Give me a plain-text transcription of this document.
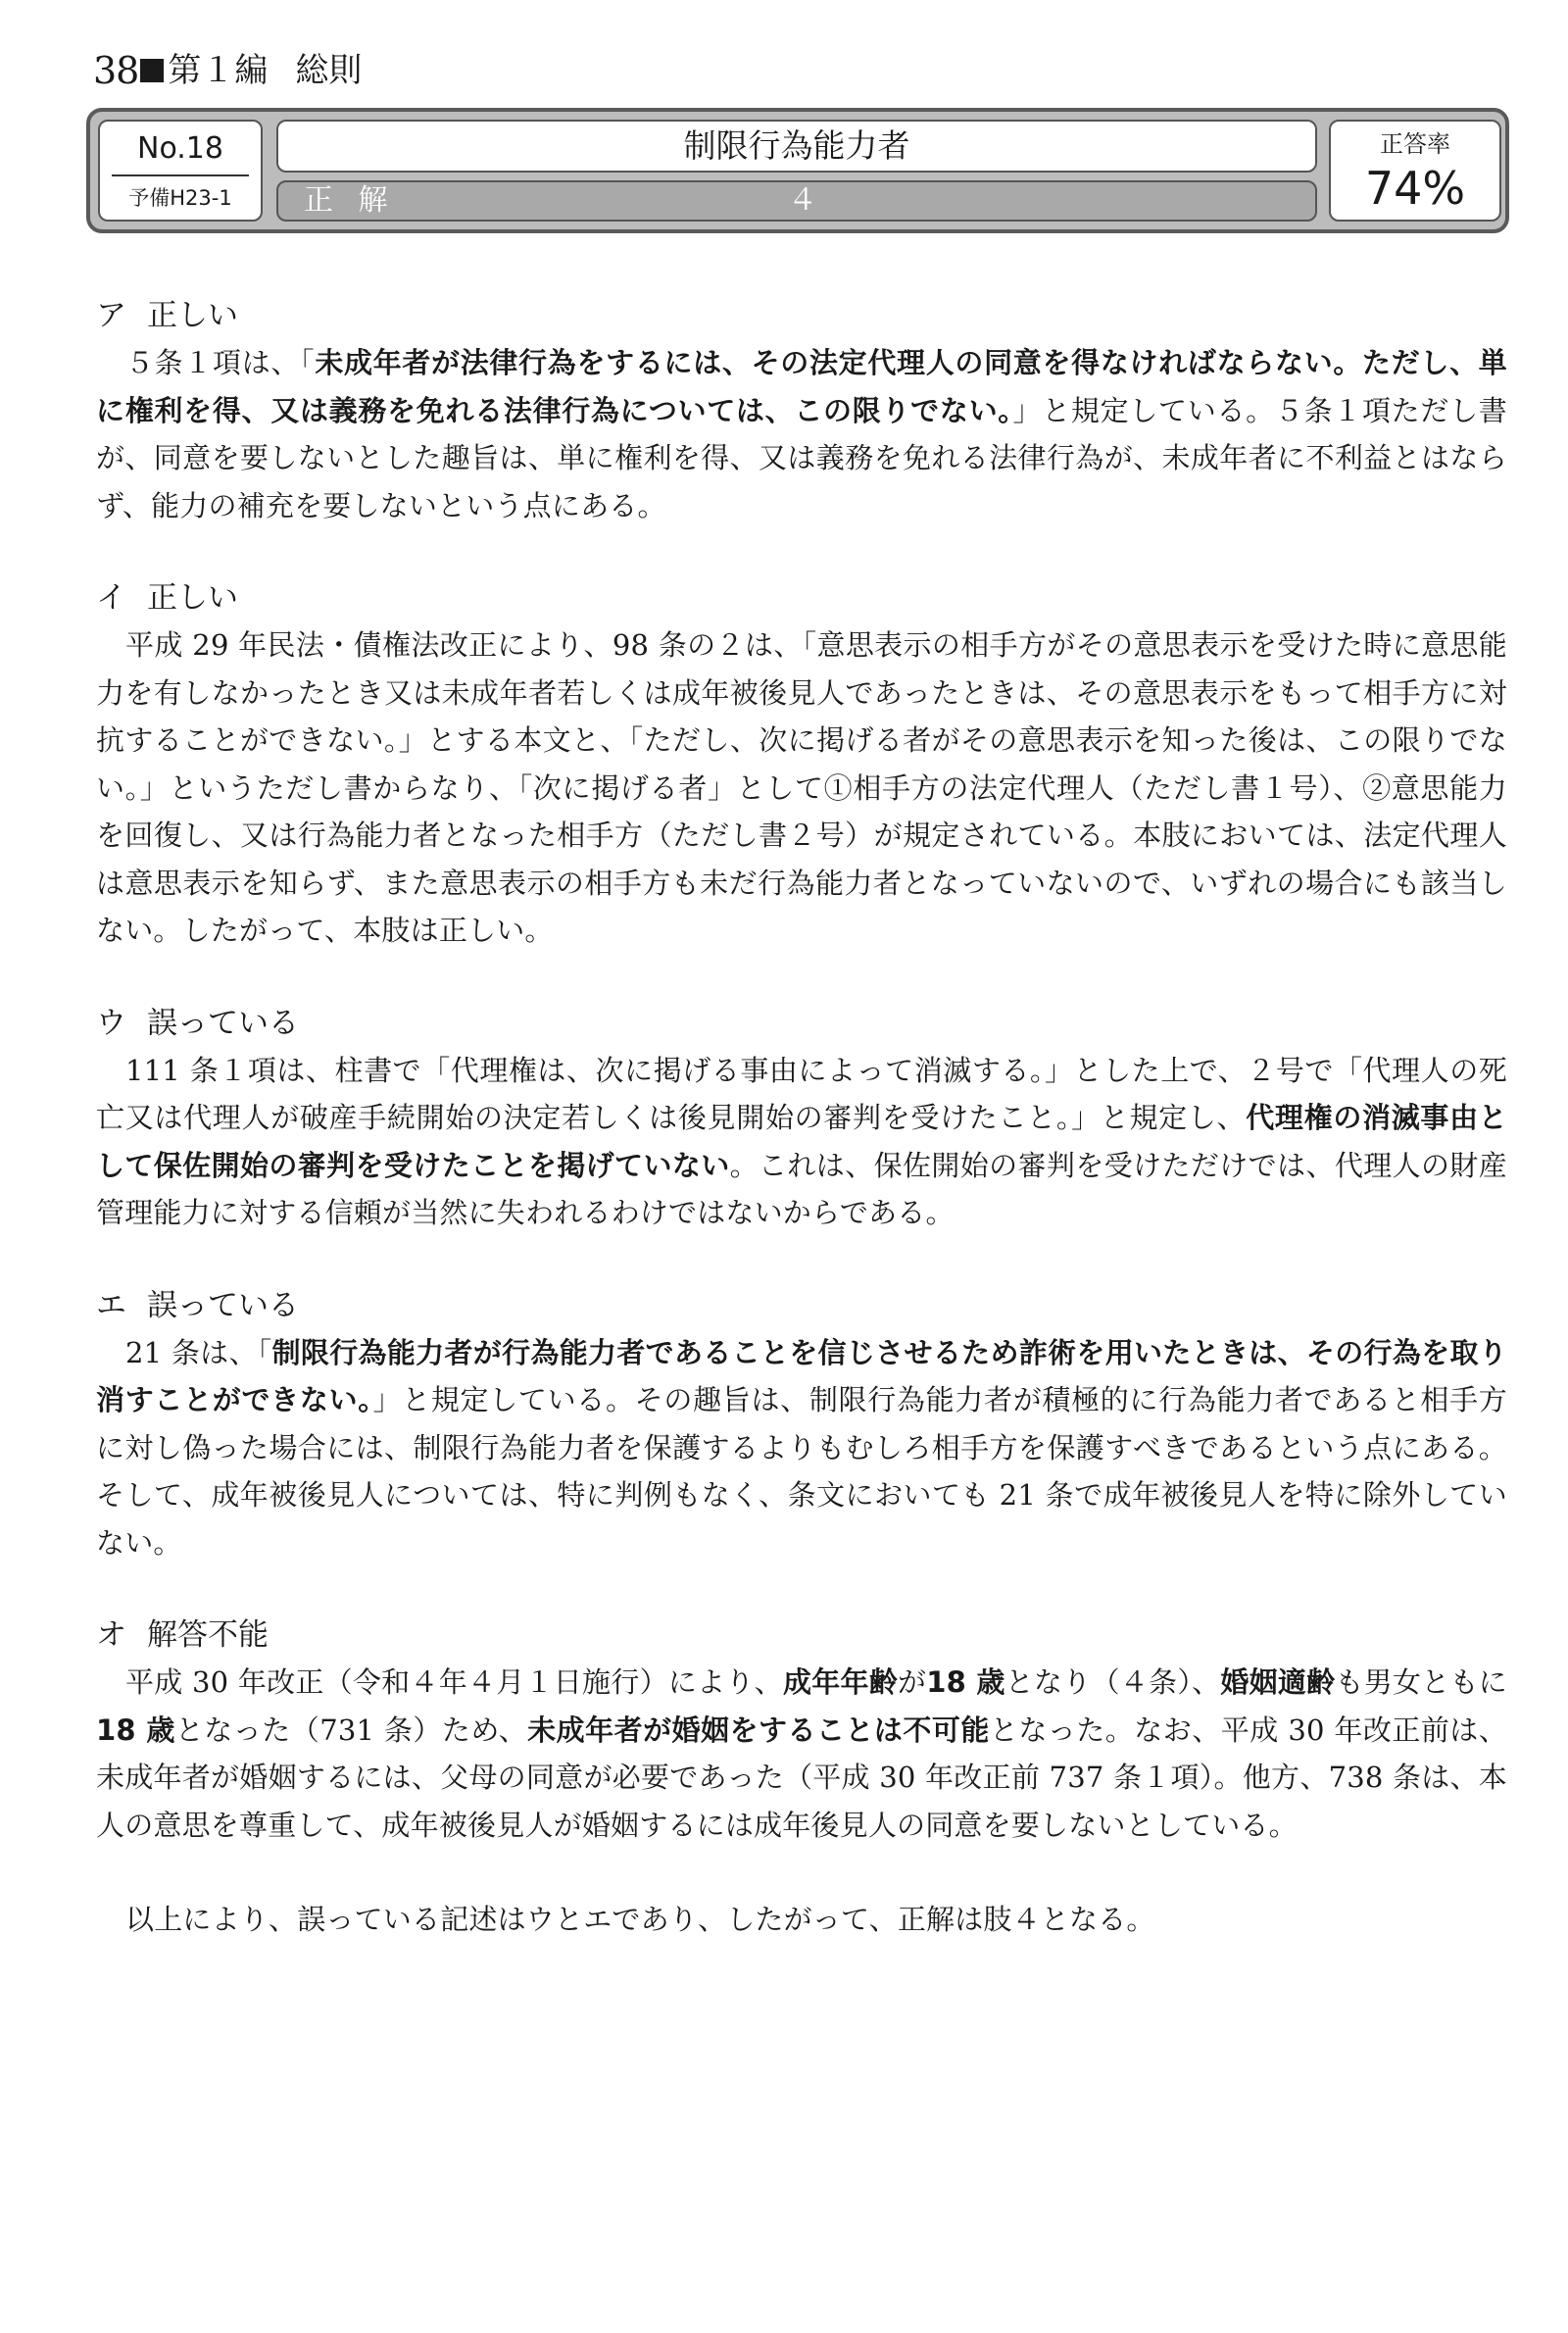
38 第１編 総則
No.18
予備H23-1
制限行為能力者
正 解	４
正答率
74%
ア 正しい

５条１項は、「未成年者が法律行為をするには、その法定代理人の同意を得なければならない。ただし、単に権利を得、又は義務を免れる法律行為については、この限りでない。」と規定している。５条１項ただし書が、同意を要しないとした趣旨は、単に権利を得、又は義務を免れる法律行為が、未成年者に不利益とはならず、能力の補充を要しないという点にある。

イ 正しい

平成 29 年民法・債権法改正により、98 条の２は、「意思表示の相手方がその意思表示を受けた時に意思能力を有しなかったとき又は未成年者若しくは成年被後見人であったときは、その意思表示をもって相手方に対抗することができない。」とする本文と、「ただし、次に掲げる者がその意思表示を知った後は、この限りでない。」というただし書からなり、「次に掲げる者」として①相手方の法定代理人（ただし書１号）、②意思能力を回復し、又は行為能力者となった相手方（ただし書２号）が規定されている。本肢においては、法定代理人は意思表示を知らず、また意思表示の相手方も未だ行為能力者となっていないので、いずれの場合にも該当しない。したがって、本肢は正しい。

ウ 誤っている

111 条１項は、柱書で「代理権は、次に掲げる事由によって消滅する。」とした上で、２号で「代理人の死亡又は代理人が破産手続開始の決定若しくは後見開始の審判を受けたこと。」と規定し、代理権の消滅事由として保佐開始の審判を受けたことを掲げていない。これは、保佐開始の審判を受けただけでは、代理人の財産管理能力に対する信頼が当然に失われるわけではないからである。

エ 誤っている

21 条は、「制限行為能力者が行為能力者であることを信じさせるため詐術を用いたときは、その行為を取り消すことができない。」と規定している。その趣旨は、制限行為能力者が積極的に行為能力者であると相手方に対し偽った場合には、制限行為能力者を保護するよりもむしろ相手方を保護すべきであるという点にある。そして、成年被後見人については、特に判例もなく、条文においても 21 条で成年被後見人を特に除外していない。

オ 解答不能

平成 30 年改正（令和４年４月１日施行）により、成年年齢が18 歳となり（４条）、婚姻適齢も男女ともに18 歳となった（731 条）ため、未成年者が婚姻をすることは不可能となった。なお、平成 30 年改正前は、未成年者が婚姻するには、父母の同意が必要であった（平成 30 年改正前 737 条１項）。他方、738 条は、本人の意思を尊重して、成年被後見人が婚姻するには成年後見人の同意を要しないとしている。

以上により、誤っている記述はウとエであり、したがって、正解は肢４となる。
